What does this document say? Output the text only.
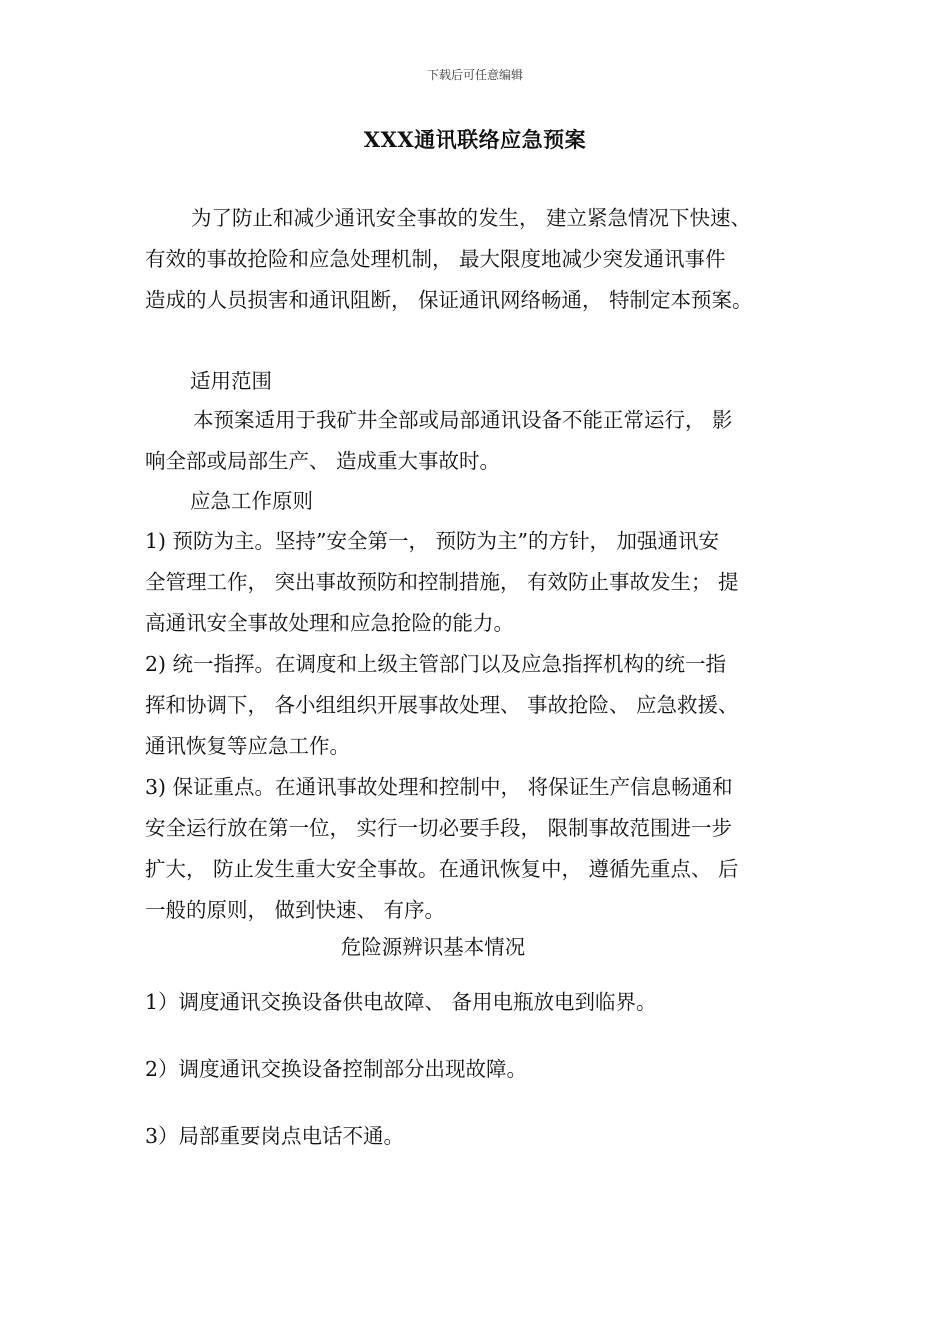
下载后可任意编辑
XXX通讯联络应急预案
为了防止和减少通讯安全事故的发生， 建立紧急情况下快速、
有效的事故抢险和应急处理机制， 最大限度地减少突发通讯事件
造成的人员损害和通讯阻断， 保证通讯网络畅通， 特制定本预案。
适用范围
本预案适用于我矿井全部或局部通讯设备不能正常运行， 影
响全部或局部生产、 造成重大事故时。
应急工作原则
1) 预防为主。坚持”安全第一， 预防为主”的方针， 加强通讯安
全管理工作， 突出事故预防和控制措施， 有效防止事故发生； 提
高通讯安全事故处理和应急抢险的能力。
2) 统一指挥。在调度和上级主管部门以及应急指挥机构的统一指
挥和协调下， 各小组组织开展事故处理、 事故抢险、 应急救援、
通讯恢复等应急工作。
3) 保证重点。在通讯事故处理和控制中， 将保证生产信息畅通和
安全运行放在第一位， 实行一切必要手段， 限制事故范围进一步
扩大， 防止发生重大安全事故。在通讯恢复中， 遵循先重点、 后
一般的原则， 做到快速、 有序。
危险源辨识基本情况
1）调度通讯交换设备供电故障、 备用电瓶放电到临界。
2）调度通讯交换设备控制部分出现故障。
3）局部重要岗点电话不通。
